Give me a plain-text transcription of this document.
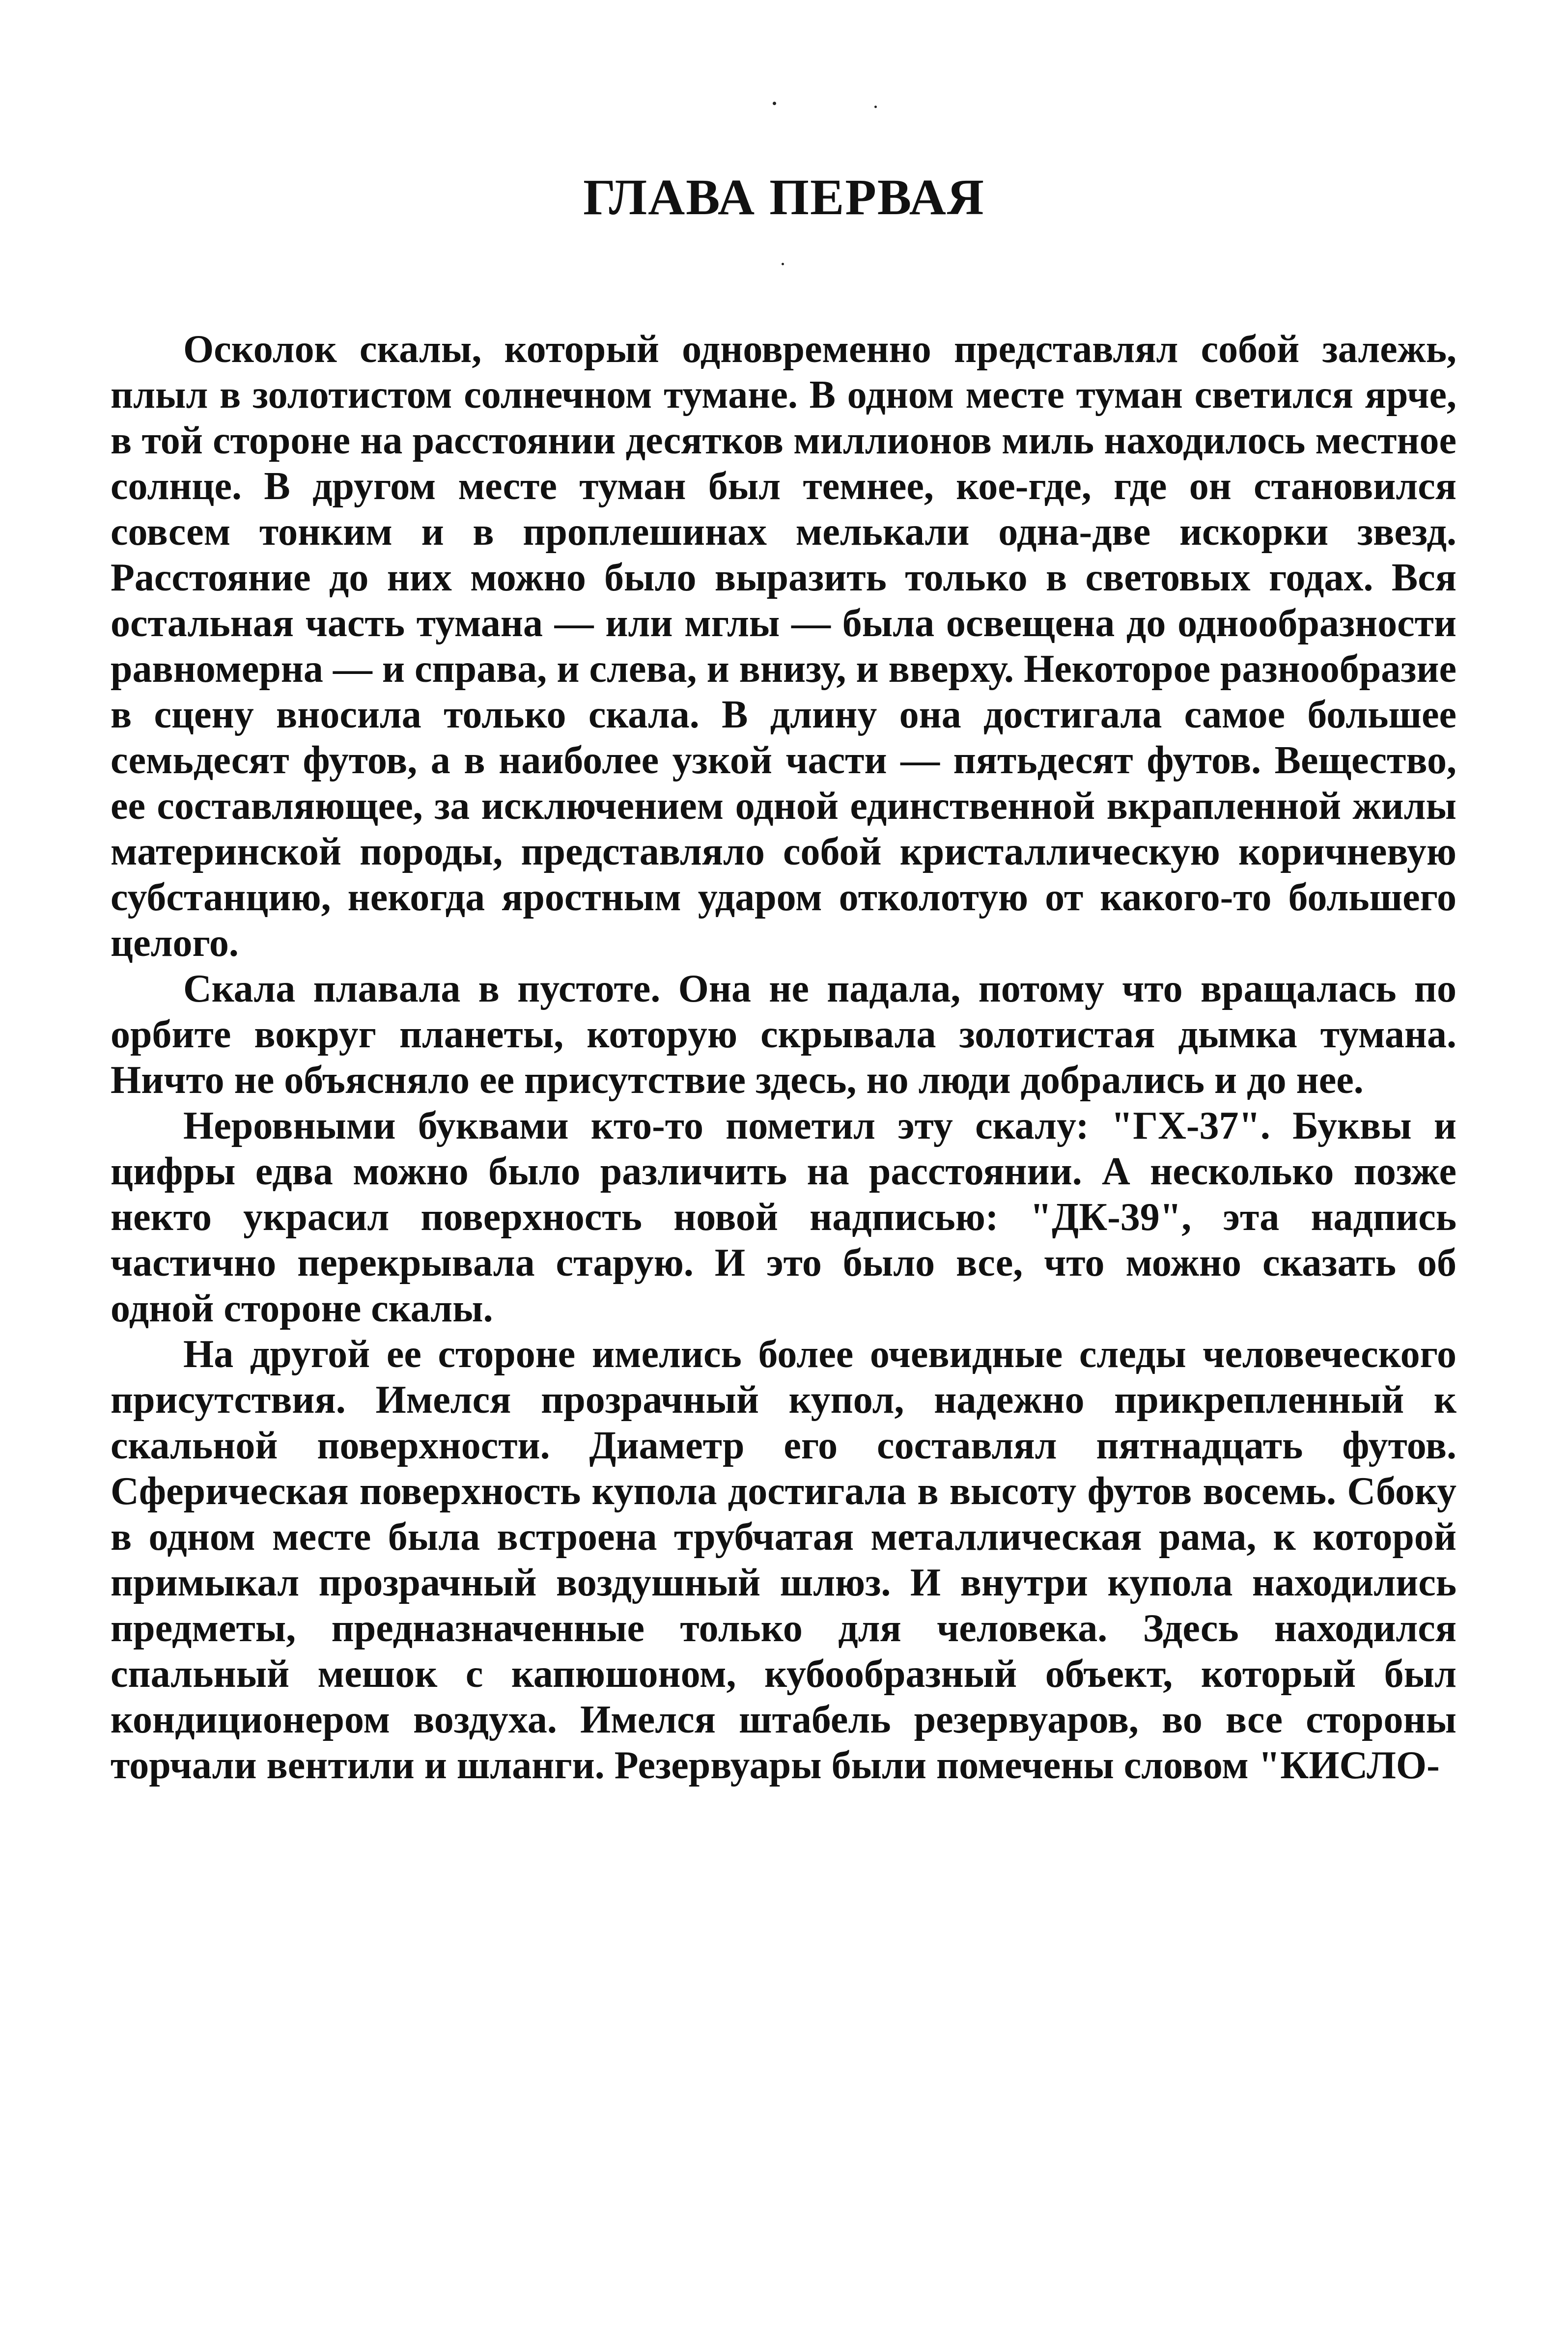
ГЛАВА ПЕРВАЯ

Осколок скалы, который одновременно представлял собой залежь, плыл в золотистом солнечном тумане. В одном месте туман светился ярче, в той стороне на расстоянии десятков миллионов миль находилось местное солнце. В другом месте туман был темнее, кое-где, где он становился совсем тонким и в проплешинах мелькали одна-две искорки звезд. Расстояние до них можно было выразить только в световых годах. Вся остальная часть тумана — или мглы — была освещена до однообразности равномерна — и справа, и слева, и внизу, и вверху. Некоторое разнообразие в сцену вносила только скала. В длину она достигала самое большее семьдесят футов, а в наиболее узкой части — пятьдесят футов. Вещество, ее составляющее, за исключением одной единственной вкрапленной жилы материнской породы, представляло собой кристаллическую коричневую субстанцию, некогда яростным ударом отколотую от какого-то большего целого.

Скала плавала в пустоте. Она не падала, потому что вращалась по орбите вокруг планеты, которую скрывала золотистая дымка тумана. Ничто не объясняло ее присутствие здесь, но люди добрались и до нее.

Неровными буквами кто-то пометил эту скалу: "ГХ-37". Буквы и цифры едва можно было различить на расстоянии. А несколько позже некто украсил поверхность новой надписью: "ДК-39", эта надпись частично перекрывала старую. И это было все, что можно сказать об одной стороне скалы.

На другой ее стороне имелись более очевидные следы человеческого присутствия. Имелся прозрачный купол, надежно прикрепленный к скальной поверхности. Диаметр его составлял пятнадцать футов. Сферическая поверхность купола достигала в высоту футов восемь. Сбоку в одном месте была встроена трубчатая металлическая рама, к которой примыкал прозрачный воздушный шлюз. И внутри купола находились предметы, предназначенные только для человека. Здесь находился спальный мешок с капюшоном, кубообразный объект, который был кондиционером воздуха. Имелся штабель резервуаров, во все стороны торчали вентили и шланги. Резервуары были помечены словом "КИСЛО-
